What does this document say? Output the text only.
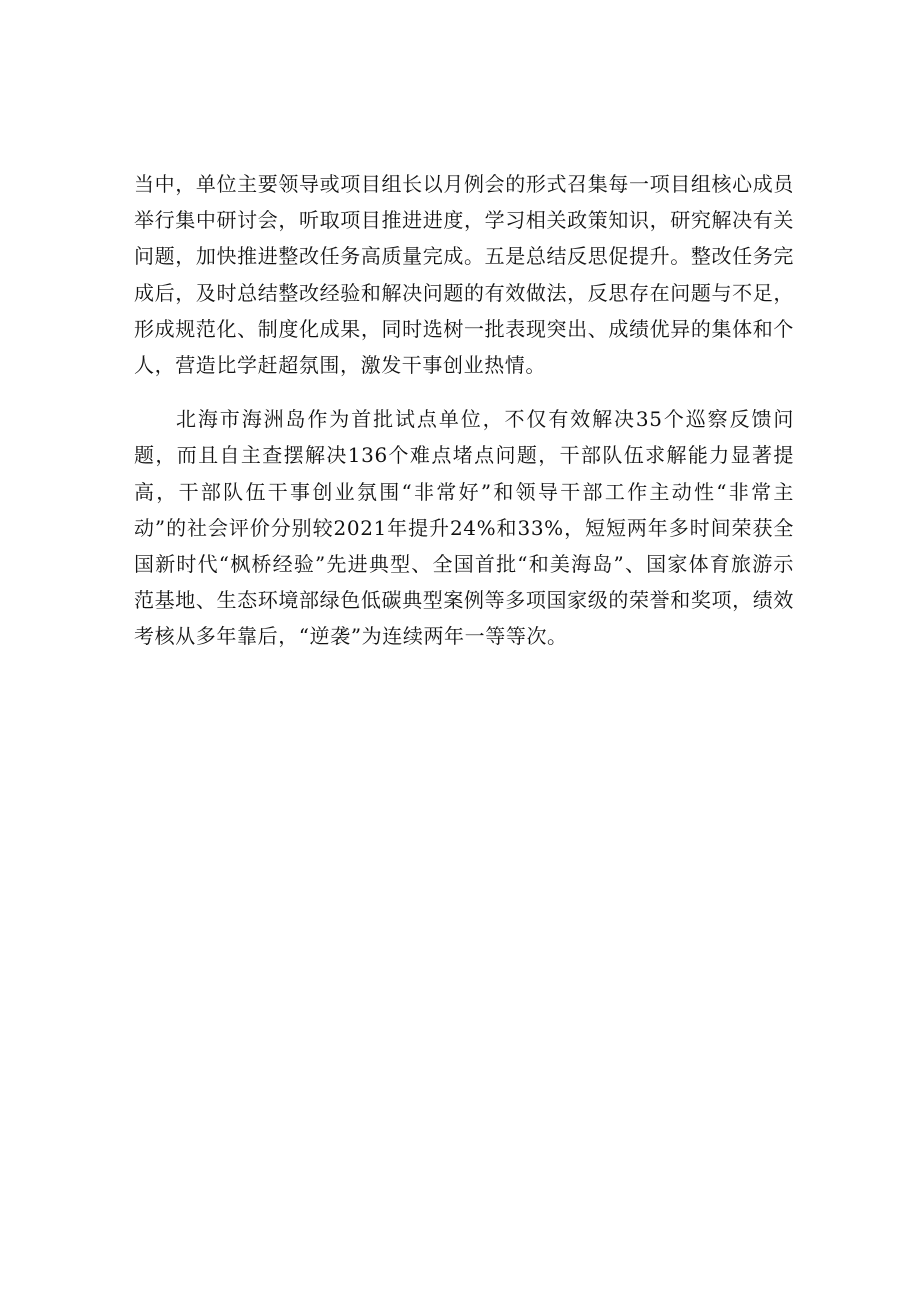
当中，单位主要领导或项目组长以月例会的形式召集每一项目组核心成员举行集中研讨会，听取项目推进进度，学习相关政策知识，研究解决有关问题，加快推进整改任务高质量完成。五是总结反思促提升。整改任务完成后，及时总结整改经验和解决问题的有效做法，反思存在问题与不足，形成规范化、制度化成果，同时选树一批表现突出、成绩优异的集体和个人，营造比学赶超氛围，激发干事创业热情。

北海市海洲岛作为首批试点单位，不仅有效解决35个巡察反馈问题，而且自主查摆解决136个难点堵点问题，干部队伍求解能力显著提高，干部队伍干事创业氛围“非常好”和领导干部工作主动性“非常主动”的社会评价分别较2021年提升24%和33%，短短两年多时间荣获全国新时代“枫桥经验”先进典型、全国首批“和美海岛”、国家体育旅游示范基地、生态环境部绿色低碳典型案例等多项国家级的荣誉和奖项，绩效考核从多年靠后，“逆袭”为连续两年一等等次。
